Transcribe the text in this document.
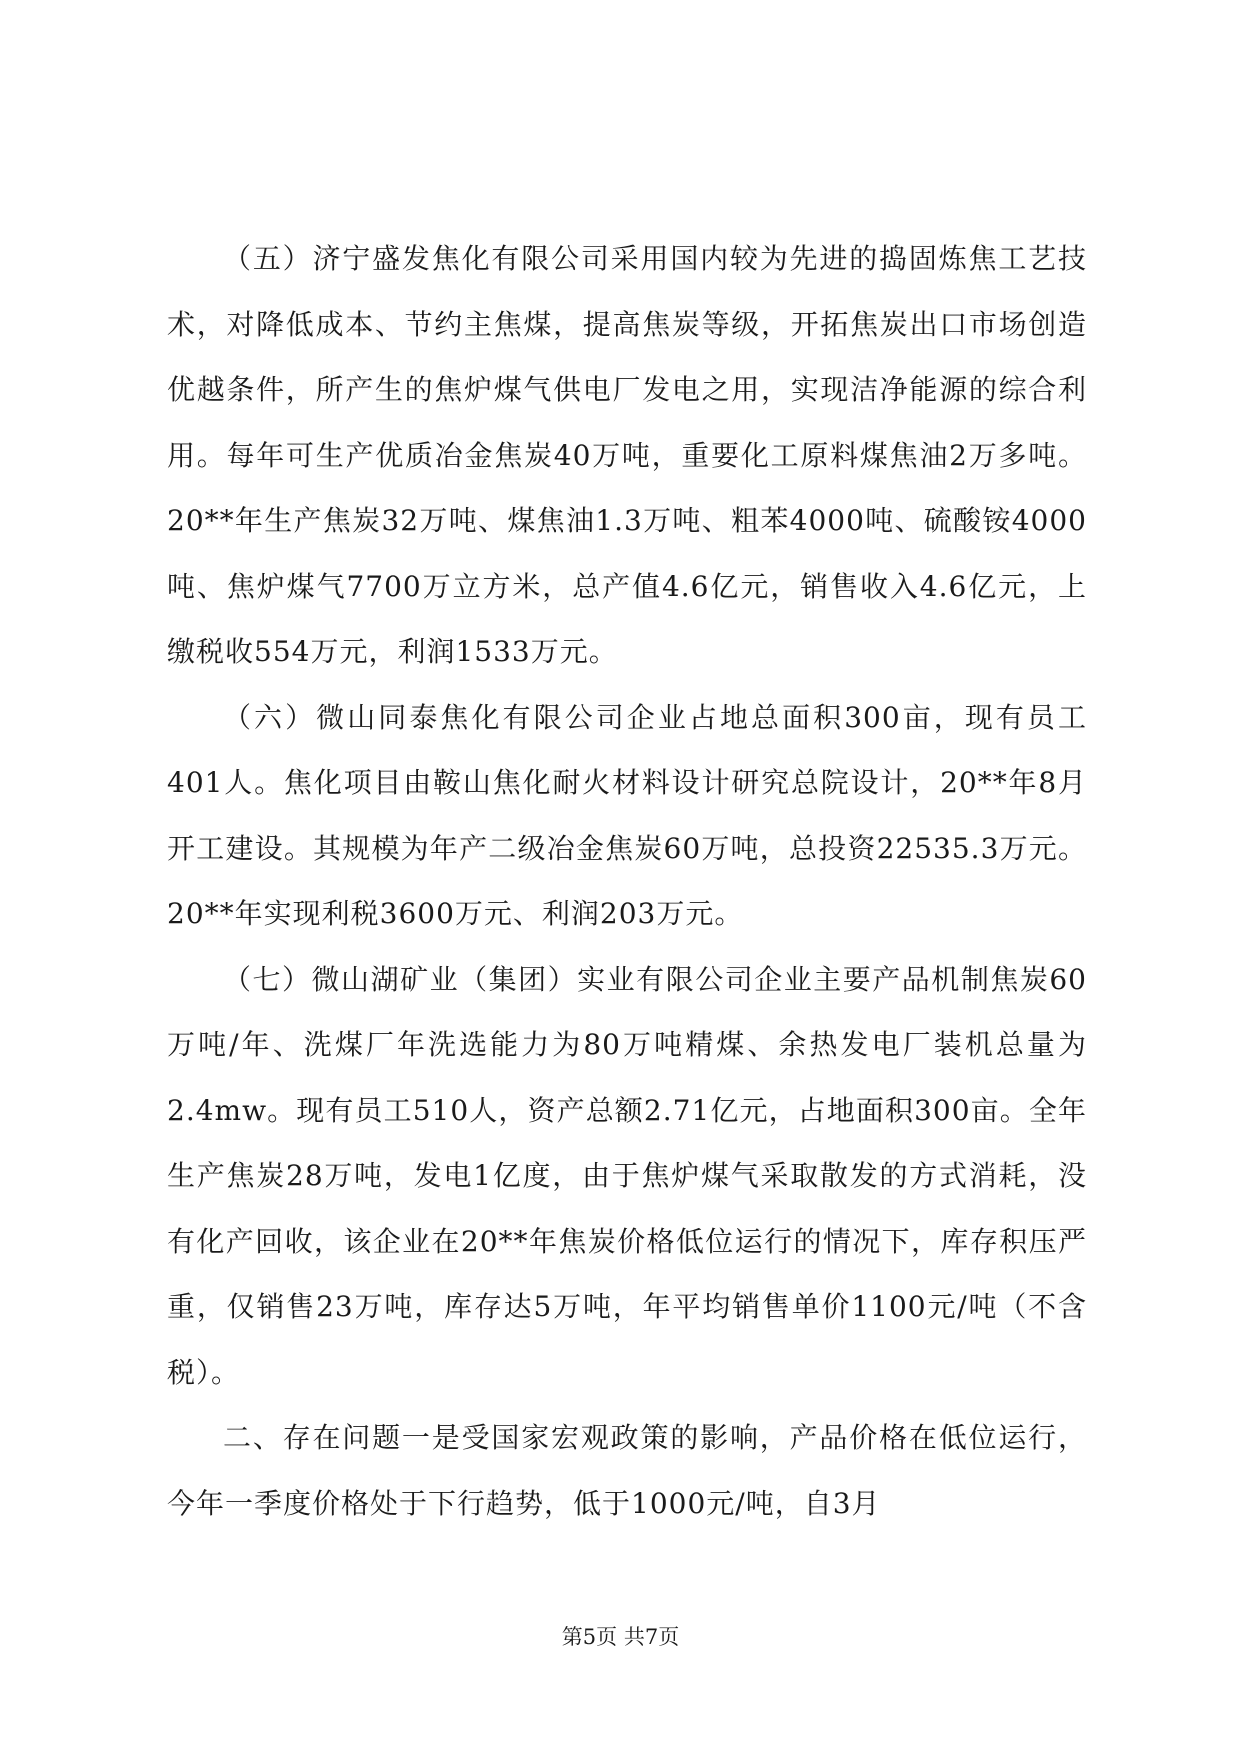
（五）济宁盛发焦化有限公司采用国内较为先进的捣固炼焦工艺技术，对降低成本、节约主焦煤，提高焦炭等级，开拓焦炭出口市场创造优越条件，所产生的焦炉煤气供电厂发电之用，实现洁净能源的综合利用。每年可生产优质冶金焦炭40万吨，重要化工原料煤焦油2万多吨。20**年生产焦炭32万吨、煤焦油1.3万吨、粗苯4000吨、硫酸铵4000吨、焦炉煤气7700万立方米，总产值4.6亿元，销售收入4.6亿元，上缴税收554万元，利润1533万元。

（六）微山同泰焦化有限公司企业占地总面积300亩，现有员工401人。焦化项目由鞍山焦化耐火材料设计研究总院设计，20**年8月开工建设。其规模为年产二级冶金焦炭60万吨，总投资22535.3万元。20**年实现利税3600万元、利润203万元。

（七）微山湖矿业（集团）实业有限公司企业主要产品机制焦炭60万吨/年、洗煤厂年洗选能力为80万吨精煤、余热发电厂装机总量为2.4mw。现有员工510人，资产总额2.71亿元，占地面积300亩。全年生产焦炭28万吨，发电1亿度，由于焦炉煤气采取散发的方式消耗，没有化产回收，该企业在20**年焦炭价格低位运行的情况下，库存积压严重，仅销售23万吨，库存达5万吨，年平均销售单价1100元/吨（不含税）。

二、存在问题一是受国家宏观政策的影响，产品价格在低位运行，今年一季度价格处于下行趋势，低于1000元/吨，自3月

第5页 共7页
